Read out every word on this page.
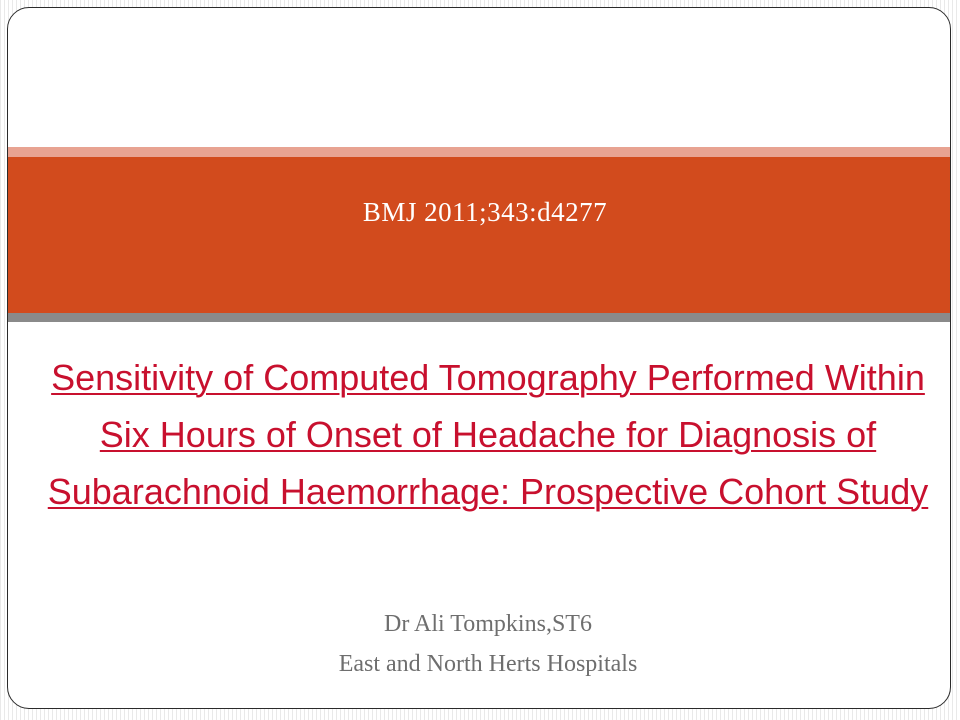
BMJ 2011;343:d4277
Sensitivity of Computed Tomography Performed Within Six Hours of Onset of Headache for Diagnosis of Subarachnoid Haemorrhage: Prospective Cohort Study
Dr Ali Tompkins,ST6
East and North Herts Hospitals
